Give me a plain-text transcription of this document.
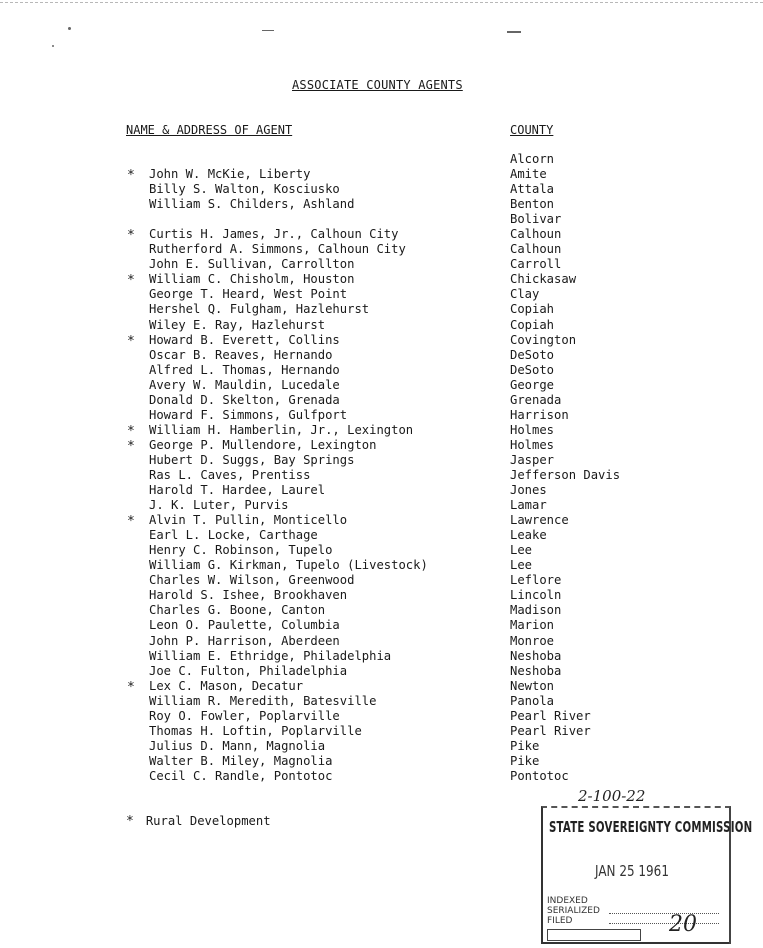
ASSOCIATE COUNTY AGENTS
NAME & ADDRESS OF AGENT	COUNTY
Alcorn
* John W. McKie, Liberty	Amite
Billy S. Walton, Kosciusko	Attala
William S. Childers, Ashland	Benton
Bolivar
* Curtis H. James, Jr., Calhoun City	Calhoun
Rutherford A. Simmons, Calhoun City	Calhoun
John E. Sullivan, Carrollton	Carroll
* William C. Chisholm, Houston	Chickasaw
George T. Heard, West Point	Clay
Hershel Q. Fulgham, Hazlehurst	Copiah
Wiley E. Ray, Hazlehurst	Copiah
* Howard B. Everett, Collins	Covington
Oscar B. Reaves, Hernando	DeSoto
Alfred L. Thomas, Hernando	DeSoto
Avery W. Mauldin, Lucedale	George
Donald D. Skelton, Grenada	Grenada
Howard F. Simmons, Gulfport	Harrison
* William H. Hamberlin, Jr., Lexington	Holmes
* George P. Mullendore, Lexington	Holmes
Hubert D. Suggs, Bay Springs	Jasper
Ras L. Caves, Prentiss	Jefferson Davis
Harold T. Hardee, Laurel	Jones
J. K. Luter, Purvis	Lamar
* Alvin T. Pullin, Monticello	Lawrence
Earl L. Locke, Carthage	Leake
Henry C. Robinson, Tupelo	Lee
William G. Kirkman, Tupelo (Livestock)	Lee
Charles W. Wilson, Greenwood	Leflore
Harold S. Ishee, Brookhaven	Lincoln
Charles G. Boone, Canton	Madison
Leon O. Paulette, Columbia	Marion
John P. Harrison, Aberdeen	Monroe
William E. Ethridge, Philadelphia	Neshoba
Joe C. Fulton, Philadelphia	Neshoba
* Lex C. Mason, Decatur	Newton
William R. Meredith, Batesville	Panola
Roy O. Fowler, Poplarville	Pearl River
Thomas H. Loftin, Poplarville	Pearl River
Julius D. Mann, Magnolia	Pike
Walter B. Miley, Magnolia	Pike
Cecil C. Randle, Pontotoc	Pontotoc
* Rural Development
2-100-22
STATE SOVEREIGNTY COMMISSION
JAN 25 1961
INDEXED
SERIALIZED
FILED	20
